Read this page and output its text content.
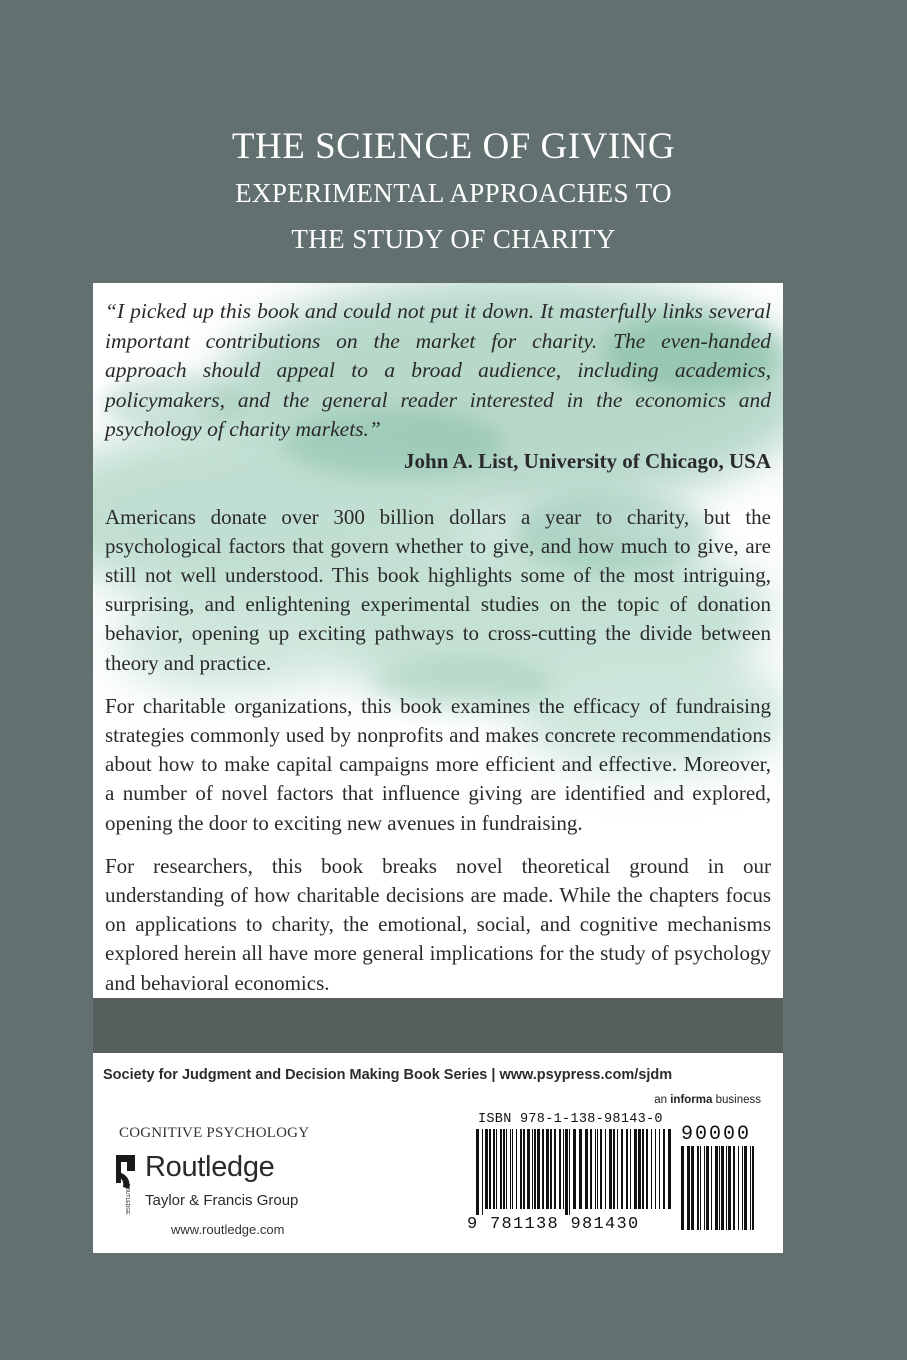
THE SCIENCE OF GIVING
EXPERIMENTAL APPROACHES TO
THE STUDY OF CHARITY
“I picked up this book and could not put it down. It masterfully links several important contributions on the market for charity. The even-handed approach should appeal to a broad audience, including academics, policymakers, and the general reader interested in the economics and psychology of charity markets.”
John A. List, University of Chicago, USA
Americans donate over 300 billion dollars a year to charity, but the psychological factors that govern whether to give, and how much to give, are still not well understood. This book highlights some of the most intriguing, surprising, and enlightening experimental studies on the topic of donation behavior, opening up exciting pathways to cross-cutting the divide between theory and practice.
For charitable organizations, this book examines the efficacy of fundraising strategies commonly used by nonprofits and makes concrete recommendations about how to make capital campaigns more efficient and effective. Moreover, a number of novel factors that influence giving are identified and explored, opening the door to exciting new avenues in fundraising.
For researchers, this book breaks novel theoretical ground in our understanding of how charitable decisions are made. While the chapters focus on applications to charity, the emotional, social, and cognitive mechanisms explored herein all have more general implications for the study of psychology and behavioral economics.
Society for Judgment and Decision Making Book Series | www.psypress.com/sjdm
an informa business
COGNITIVE PSYCHOLOGY
ROUTLEDGE
Routledge
Taylor & Francis Group
www.routledge.com
ISBN 978-1-138-98143-0
9 781138 981430
90000
